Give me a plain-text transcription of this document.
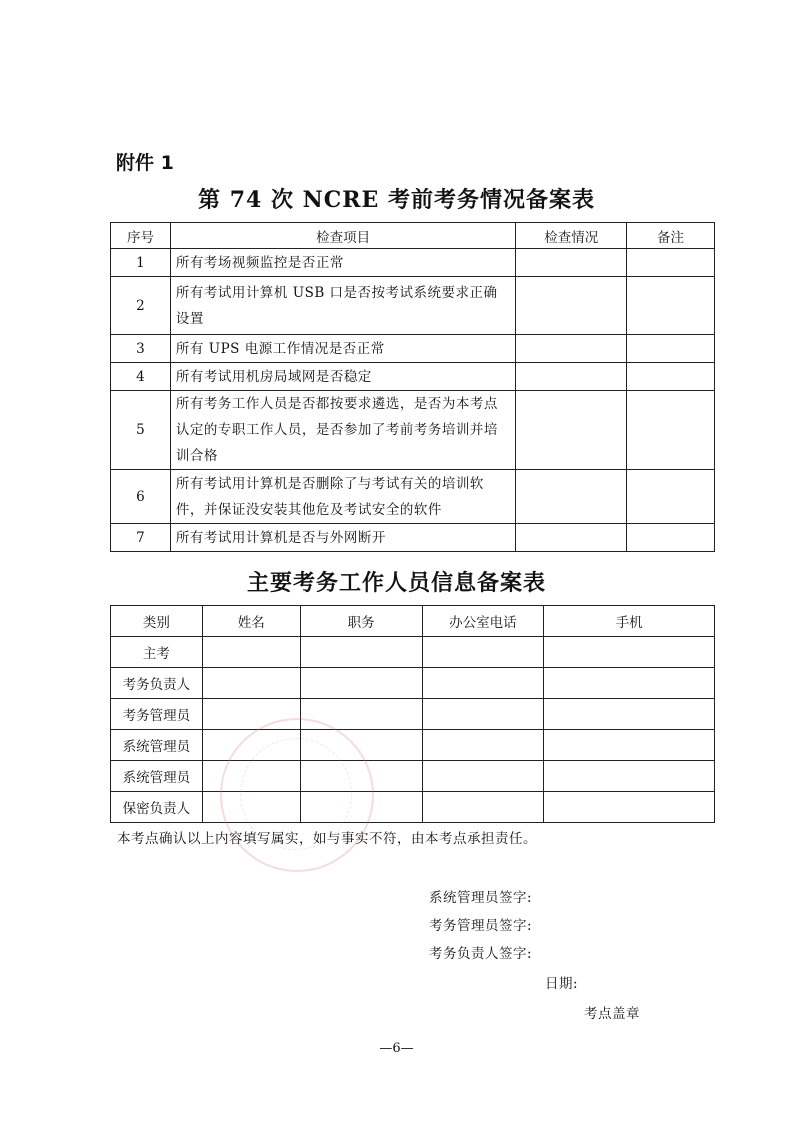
附件 1
第 74 次 NCRE 考前考务情况备案表
序号	检查项目	检查情况	备注
1	所有考场视频监控是否正常		
2	所有考试用计算机 USB 口是否按考试系统要求正确设置		
3	所有 UPS 电源工作情况是否正常		
4	所有考试用机房局域网是否稳定		
5	所有考务工作人员是否都按要求遴选，是否为本考点认定的专职工作人员，是否参加了考前考务培训并培训合格		
6	所有考试用计算机是否删除了与考试有关的培训软件，并保证没安装其他危及考试安全的软件		
7	所有考试用计算机是否与外网断开		
主要考务工作人员信息备案表
类别	姓名	职务	办公室电话	手机
主考				
考务负责人				
考务管理员				
系统管理员				
系统管理员				
保密负责人				
本考点确认以上内容填写属实，如与事实不符，由本考点承担责任。
系统管理员签字:
考务管理员签字:
考务负责人签字:
日期:
考点盖章
—6—
